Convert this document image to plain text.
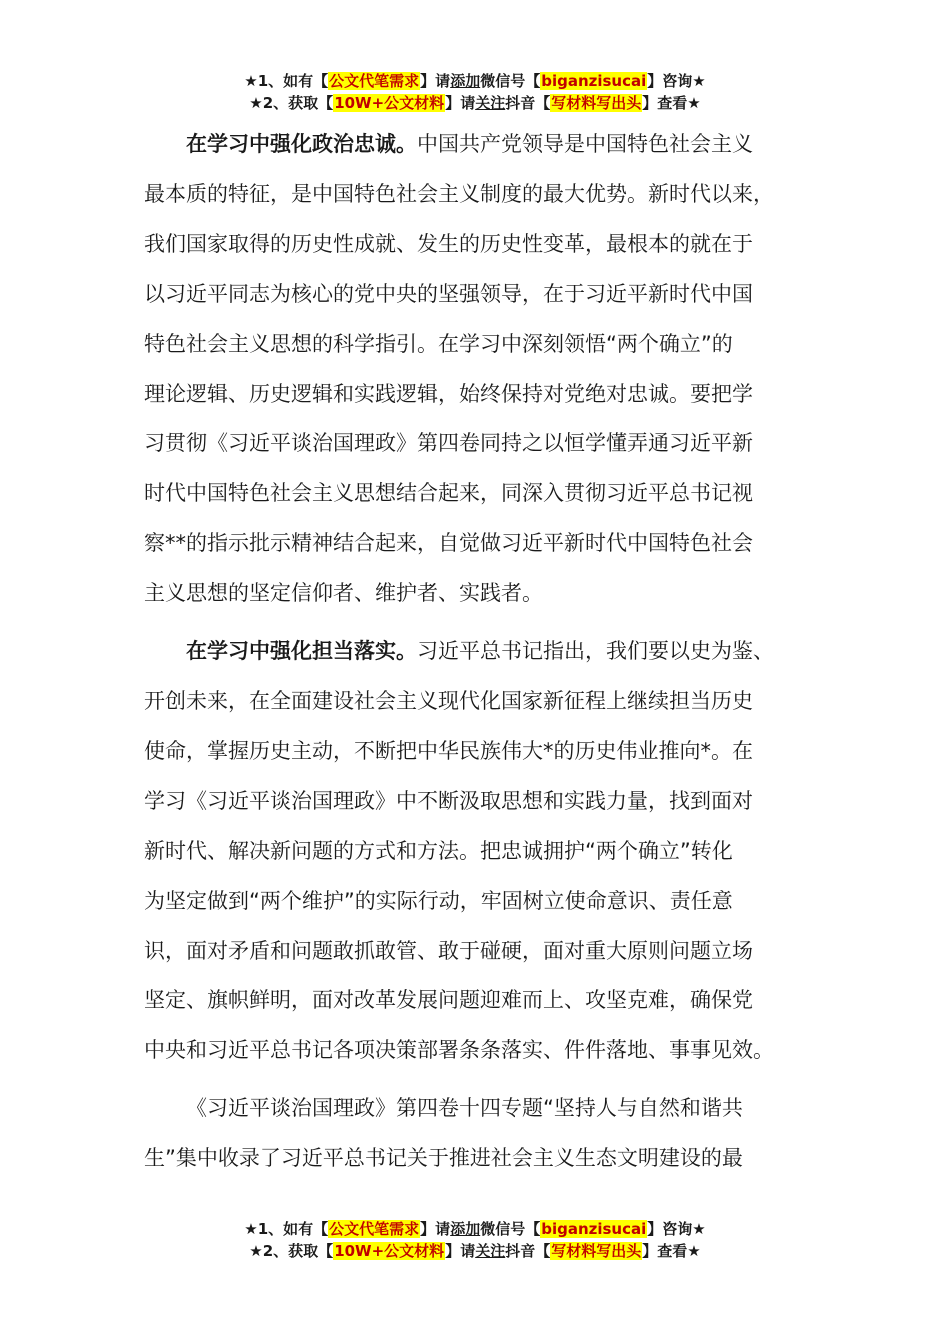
★1、如有【公文代笔需求】请添加微信号【biganzisucai】咨询★
★2、获取【10W+公文材料】请关注抖音【写材料写出头】查看★
在学习中强化政治忠诚。中国共产党领导是中国特色社会主义
最本质的特征，是中国特色社会主义制度的最大优势。新时代以来，
我们国家取得的历史性成就、发生的历史性变革，最根本的就在于
以习近平同志为核心的党中央的坚强领导，在于习近平新时代中国
特色社会主义思想的科学指引。在学习中深刻领悟“两个确立”的
理论逻辑、历史逻辑和实践逻辑，始终保持对党绝对忠诚。要把学
习贯彻《习近平谈治国理政》第四卷同持之以恒学懂弄通习近平新
时代中国特色社会主义思想结合起来，同深入贯彻习近平总书记视
察**的指示批示精神结合起来，自觉做习近平新时代中国特色社会
主义思想的坚定信仰者、维护者、实践者。
在学习中强化担当落实。习近平总书记指出，我们要以史为鉴、
开创未来，在全面建设社会主义现代化国家新征程上继续担当历史
使命，掌握历史主动，不断把中华民族伟大*的历史伟业推向*。在
学习《习近平谈治国理政》中不断汲取思想和实践力量，找到面对
新时代、解决新问题的方式和方法。把忠诚拥护“两个确立”转化
为坚定做到“两个维护”的实际行动，牢固树立使命意识、责任意
识，面对矛盾和问题敢抓敢管、敢于碰硬，面对重大原则问题立场
坚定、旗帜鲜明，面对改革发展问题迎难而上、攻坚克难，确保党
中央和习近平总书记各项决策部署条条落实、件件落地、事事见效。
《习近平谈治国理政》第四卷十四专题“坚持人与自然和谐共
生”集中收录了习近平总书记关于推进社会主义生态文明建设的最
★1、如有【公文代笔需求】请添加微信号【biganzisucai】咨询★
★2、获取【10W+公文材料】请关注抖音【写材料写出头】查看★
